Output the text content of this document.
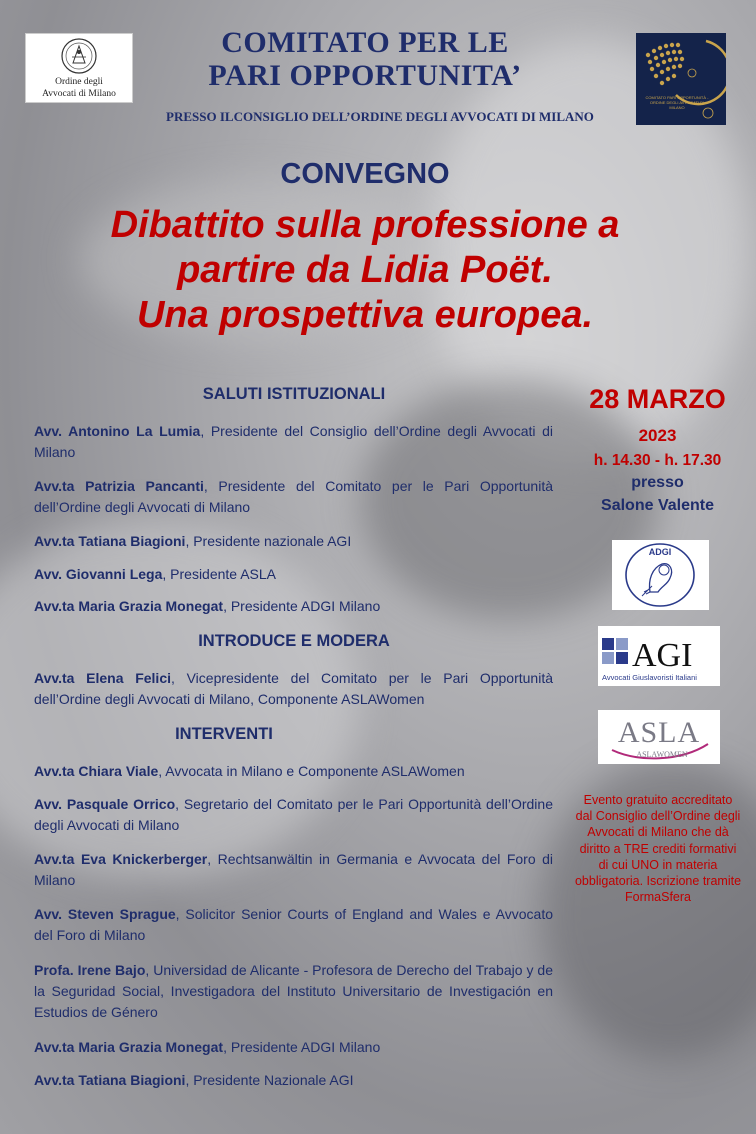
Ordine degli
Avvocati di Milano	COMITATO PARI OPPORTUNITÀ - ORDINE DEGLI AVVOCATI DI MILANO
COMITATO PER LE
PARI OPPORTUNITA’
PRESSO ILCONSIGLIO DELL’ORDINE DEGLI AVVOCATI DI MILANO
CONVEGNO
Dibattito sulla professione a
partire da Lidia Poët.
Una prospettiva europea.
SALUTI ISTITUZIONALI
Avv. Antonino La Lumia, Presidente del Consiglio dell’Ordine degli Avvocati di Milano
Avv.ta Patrizia Pancanti, Presidente del Comitato per le Pari Opportunità dell’Ordine degli Avvocati di Milano
Avv.ta Tatiana Biagioni, Presidente nazionale AGI
Avv. Giovanni Lega, Presidente ASLA
Avv.ta Maria Grazia Monegat, Presidente ADGI Milano
INTRODUCE E MODERA
Avv.ta Elena Felici, Vicepresidente del Comitato per le Pari Opportunità dell’Ordine degli Avvocati di Milano, Componente ASLAWomen
INTERVENTI
Avv.ta Chiara Viale, Avvocata in Milano e Componente ASLAWomen
Avv. Pasquale Orrico, Segretario del Comitato per le Pari Opportunità dell’Ordine degli Avvocati di Milano
Avv.ta Eva Knickerberger, Rechtsanwältin in Germania e Avvocata del Foro di Milano
Avv. Steven Sprague, Solicitor Senior Courts of England and Wales e Avvocato del Foro di Milano
Profa. Irene Bajo, Universidad de Alicante - Profesora de Derecho del Trabajo y de la Seguridad Social, Investigadora del Instituto Universitario de Investigación en Estudios de Género
Avv.ta Maria Grazia Monegat, Presidente ADGI Milano
Avv.ta Tatiana Biagioni, Presidente Nazionale AGI
28 MARZO
2023
h. 14.30 - h. 17.30
presso
Salone Valente
ADGI
AGI
Avvocati Giuslavoristi Italiani
ASLA
ASLAWOMEN
Evento gratuito accreditato dal Consiglio dell’Ordine degli Avvocati di Milano che dà diritto a TRE crediti formativi di cui UNO in materia obbligatoria. Iscrizione tramite FormaSfera
